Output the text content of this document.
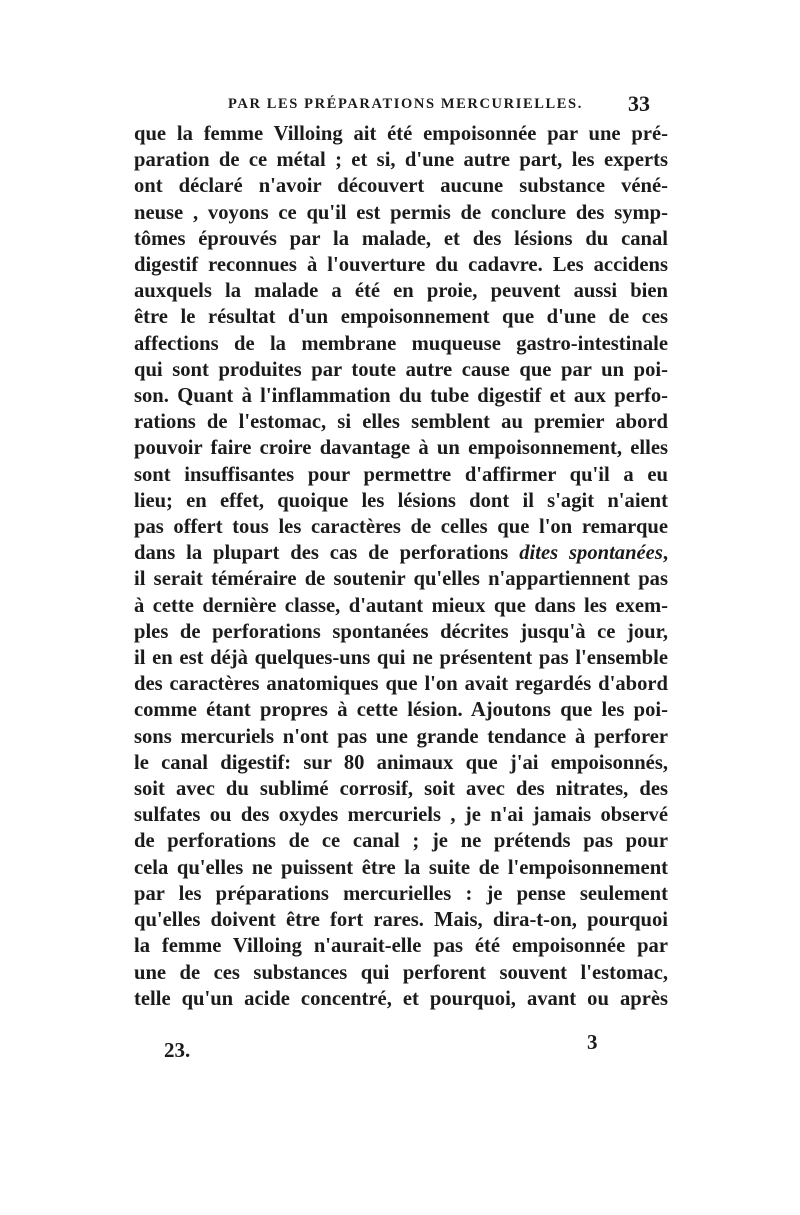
PAR LES PRÉPARATIONS MERCURIELLES. 33
que la femme Villoing ait été empoisonnée par une pré-
paration de ce métal ; et si, d'une autre part, les experts
ont déclaré n'avoir découvert aucune substance véné-
neuse , voyons ce qu'il est permis de conclure des symp-
tômes éprouvés par la malade, et des lésions du canal
digestif reconnues à l'ouverture du cadavre. Les accidens
auxquels la malade a été en proie, peuvent aussi bien
être le résultat d'un empoisonnement que d'une de ces
affections de la membrane muqueuse gastro-intestinale
qui sont produites par toute autre cause que par un poi-
son. Quant à l'inflammation du tube digestif et aux perfo-
rations de l'estomac, si elles semblent au premier abord
pouvoir faire croire davantage à un empoisonnement, elles
sont insuffisantes pour permettre d'affirmer qu'il a eu
lieu; en effet, quoique les lésions dont il s'agit n'aient
pas offert tous les caractères de celles que l'on remarque
dans la plupart des cas de perforations dites spontanées,
il serait téméraire de soutenir qu'elles n'appartiennent pas
à cette dernière classe, d'autant mieux que dans les exem-
ples de perforations spontanées décrites jusqu'à ce jour,
il en est déjà quelques-uns qui ne présentent pas l'ensemble
des caractères anatomiques que l'on avait regardés d'abord
comme étant propres à cette lésion. Ajoutons que les poi-
sons mercuriels n'ont pas une grande tendance à perforer
le canal digestif: sur 80 animaux que j'ai empoisonnés,
soit avec du sublimé corrosif, soit avec des nitrates, des
sulfates ou des oxydes mercuriels , je n'ai jamais observé
de perforations de ce canal ; je ne prétends pas pour
cela qu'elles ne puissent être la suite de l'empoisonnement
par les préparations mercurielles : je pense seulement
qu'elles doivent être fort rares. Mais, dira-t-on, pourquoi
la femme Villoing n'aurait-elle pas été empoisonnée par
une de ces substances qui perforent souvent l'estomac,
telle qu'un acide concentré, et pourquoi, avant ou après
23.	3
